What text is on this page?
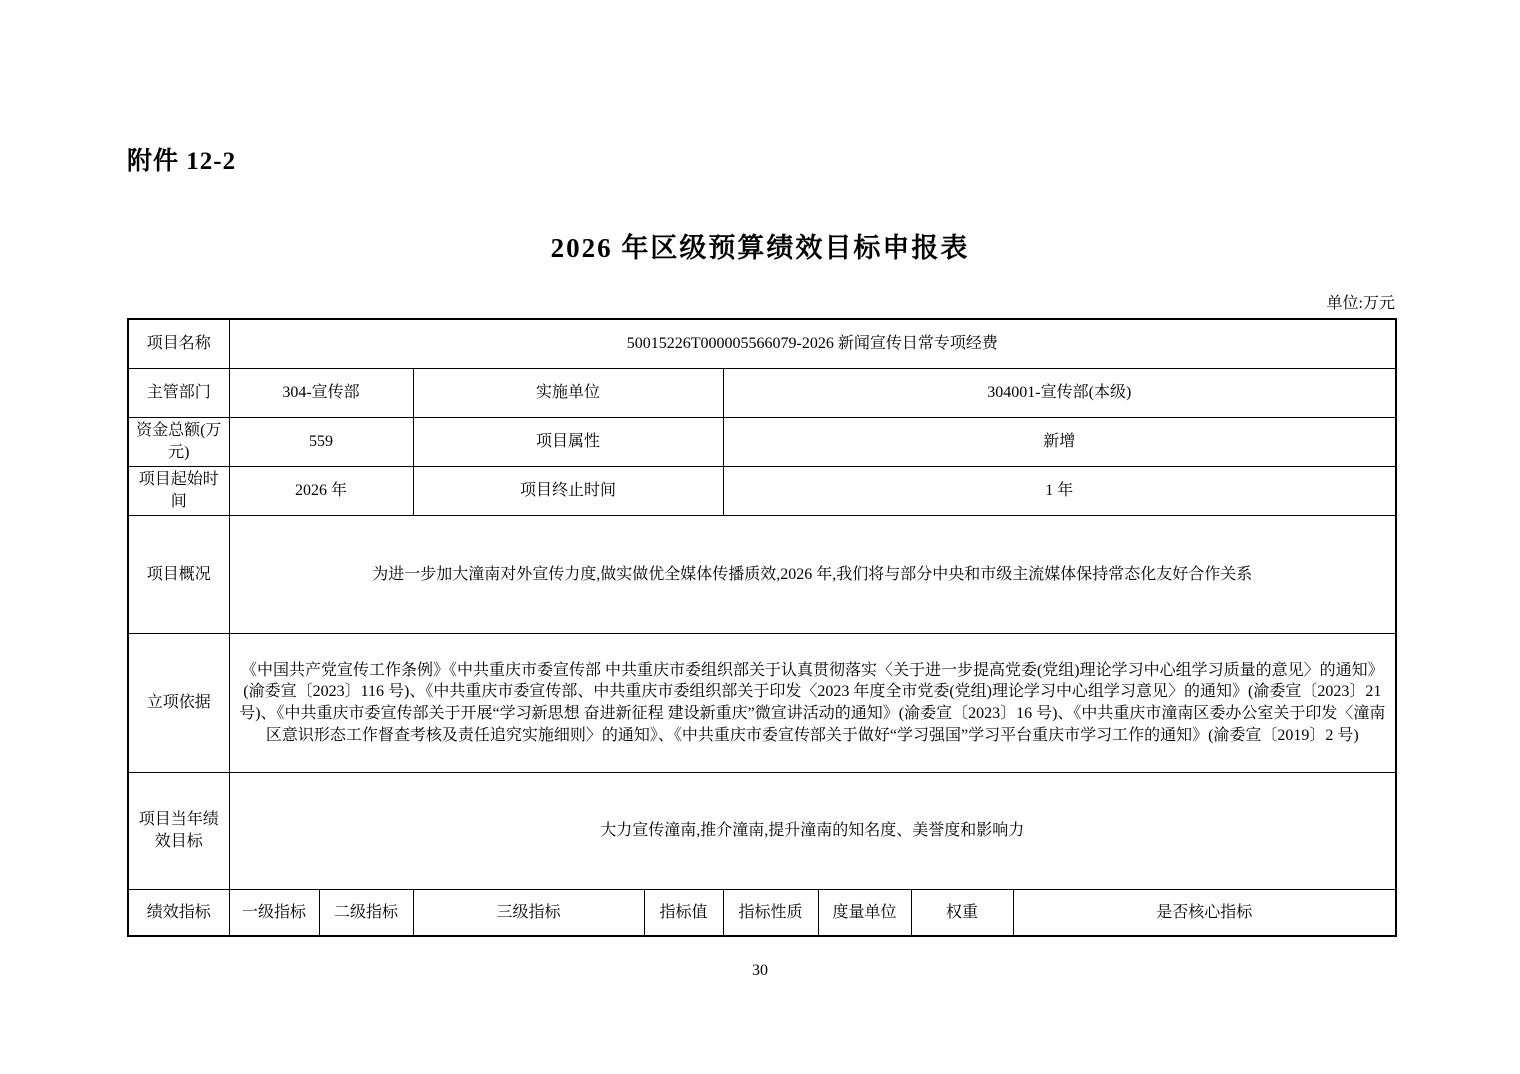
附件 12-2
2026 年区级预算绩效目标申报表
单位:万元
项目名称	50015226T000005566079-2026 新闻宣传日常专项经费							
主管部门	304-宣传部		实施单位		304001-宣传部(本级)			
资金总额(万元)	559		项目属性		新增			
项目起始时间	2026 年		项目终止时间		1 年			
项目概况	为进一步加大潼南对外宣传力度,做实做优全媒体传播质效,2026 年,我们将与部分中央和市级主流媒体保持常态化友好合作关系							
立项依据	《中国共产党宣传工作条例》《中共重庆市委宣传部 中共重庆市委组织部关于认真贯彻落实〈关于进一步提高党委(党组)理论学习中心组学习质量的意见〉的通知》(渝委宣〔2023〕116 号)、《中共重庆市委宣传部、中共重庆市委组织部关于印发〈2023 年度全市党委(党组)理论学习中心组学习意见〉的通知》(渝委宣〔2023〕21 号)、《中共重庆市委宣传部关于开展“学习新思想 奋进新征程 建设新重庆”微宣讲活动的通知》(渝委宣〔2023〕16 号)、《中共重庆市潼南区委办公室关于印发〈潼南区意识形态工作督查考核及责任追究实施细则〉的通知》、《中共重庆市委宣传部关于做好“学习强国”学习平台重庆市学习工作的通知》(渝委宣〔2019〕2 号)							
项目当年绩效目标	大力宣传潼南,推介潼南,提升潼南的知名度、美誉度和影响力							
绩效指标	一级指标	二级指标	三级指标	指标值	指标性质	度量单位	权重	是否核心指标
30
